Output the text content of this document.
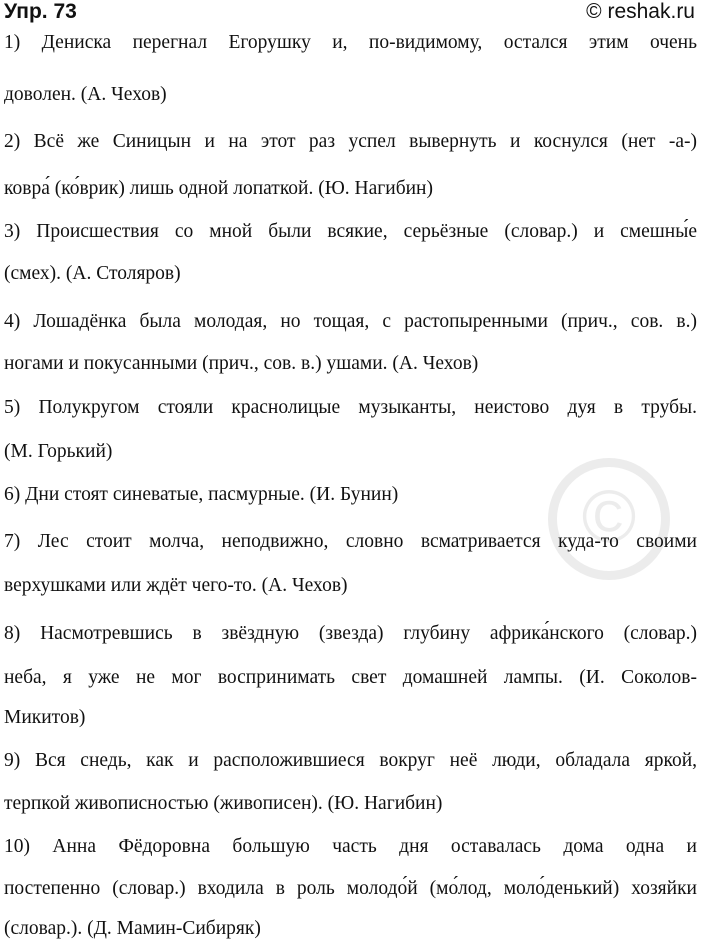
Упр. 73	© reshak.ru
©
1) Дениска перегнал Егорушку и, по-видимому, остался этим очень
доволен. (А. Чехов)
2) Всё же Синицын и на этот раз успел вывернуть и коснулся (нет -а-)
ковра́ (ко́врик) лишь одной лопаткой. (Ю. Нагибин)
3) Происшествия со мной были всякие, серьёзные (словар.) и смешны́е
(смех). (А. Столяров)
4) Лошадёнка была молодая, но тощая, с растопыренными (прич., сов. в.)
ногами и покусанными (прич., сов. в.) ушами. (А. Чехов)
5) Полукругом стояли краснолицые музыканты, неистово дуя в трубы.
(М. Горький)
6) Дни стоят синеватые, пасмурные. (И. Бунин)
7) Лес стоит молча, неподвижно, словно всматривается куда-то своими
верхушками или ждёт чего-то. (А. Чехов)
8) Насмотревшись в звёздную (звезда) глубину африка́нского (словар.)
неба, я уже не мог воспринимать свет домашней лампы. (И. Соколов-
Микитов)
9) Вся снедь, как и расположившиеся вокруг неё люди, обладала яркой,
терпкой живописностью (живописен). (Ю. Нагибин)
10) Анна Фёдоровна большую часть дня оставалась дома одна и
постепенно (словар.) входила в роль молодо́й (мо́лод, моло́денький) хозяйки
(словар.). (Д. Мамин-Сибиряк)
